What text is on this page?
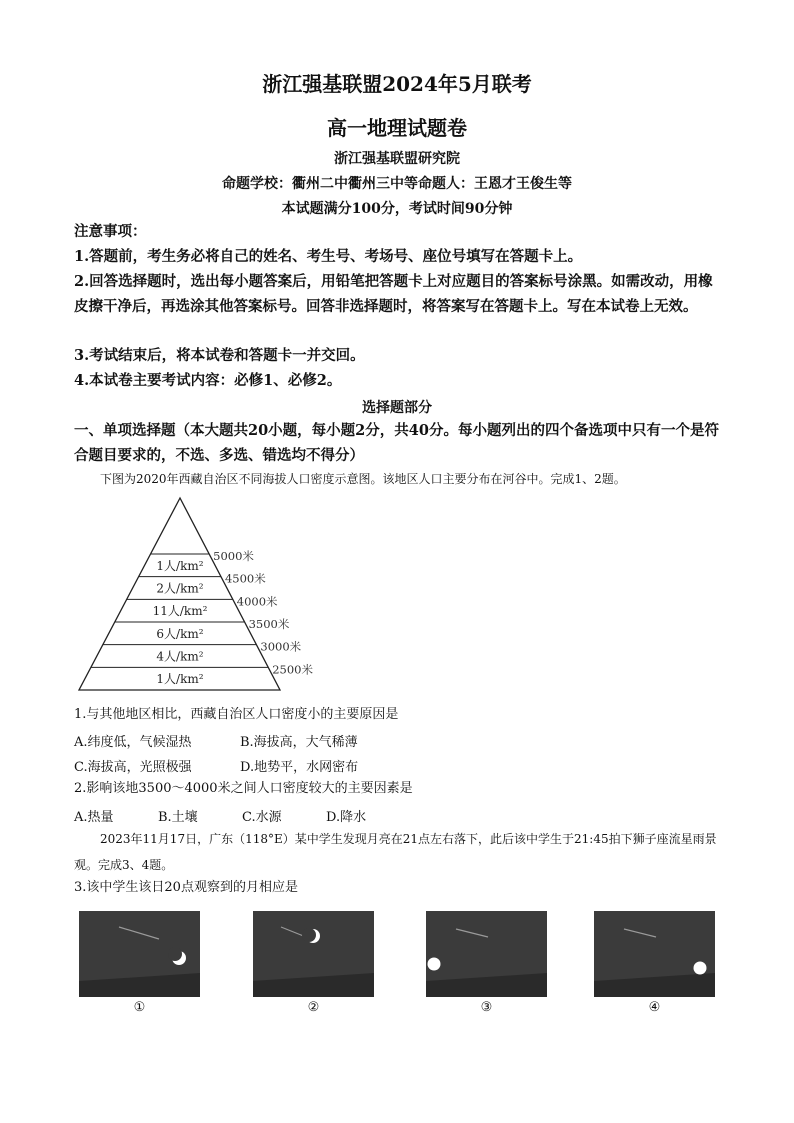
浙江强基联盟2024年5月联考
高一地理试题卷
浙江强基联盟研究院
命题学校：衢州二中衢州三中等命题人：王恩才王俊生等
本试题满分100分，考试时间90分钟
注意事项：
1.答题前，考生务必将自己的姓名、考生号、考场号、座位号填写在答题卡上。
2.回答选择题时，选出每小题答案后，用铅笔把答题卡上对应题目的答案标号涂黑。如需改动，用橡皮擦干净后，再选涂其他答案标号。回答非选择题时，将答案写在答题卡上。写在本试卷上无效。
3.考试结束后，将本试卷和答题卡一并交回。
4.本试卷主要考试内容：必修1、必修2。
选择题部分
一、单项选择题（本大题共20小题，每小题2分，共40分。每小题列出的四个备选项中只有一个是符合题目要求的，不选、多选、错选均不得分）
下图为2020年西藏自治区不同海拔人口密度示意图。该地区人口主要分布在河谷中。完成1、2题。
1人/km²
5000米
2人/km²
4500米
11人/km²
4000米
6人/km²
3500米
4人/km²
3000米
1人/km²
2500米
1.与其他地区相比，西藏自治区人口密度小的主要原因是
A.纬度低，气候湿热	B.海拔高，大气稀薄
C.海拔高，光照极强	D.地势平，水网密布
2.影响该地3500～4000米之间人口密度较大的主要因素是
A.热量	B.土壤	C.水源	D.降水
2023年11月17日，广东（118°E）某中学生发现月亮在21点左右落下，此后该中学生于21:45拍下狮子座流星雨景观。完成3、4题。
3.该中学生该日20点观察到的月相应是
①	②	③	④
